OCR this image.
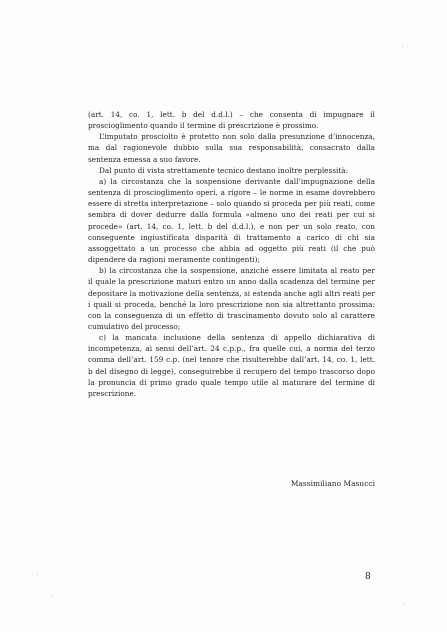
(art. 14, co. 1, lett. b del d.d.l.) – che consenta di impugnare il proscioglimento quando il termine di prescrizione è prossimo.

L’imputato prosciolto è protetto non solo dalla presunzione d’innocenza, ma dal ragionevole dubbio sulla sua responsabilità, consacrato dalla sentenza emessa a suo favore.

Dal punto di vista strettamente tecnico destano inoltre perplessità:

a) la circostanza che la sospensione derivante dall’impugnazione della sentenza di proscioglimento operi, a rigore – le norme in esame dovrebbero essere di stretta interpretazione – solo quando si proceda per più reati, come sembra di dover dedurre dalla formula «almeno uno dei reati per cui si procede» (art. 14, co. 1, lett. b del d.d.l.), e non per un solo reato, con conseguente ingiustificata disparità di trattamento a carico di chi sia assoggettato a un processo che abbia ad oggetto più reati (il che può dipendere da ragioni meramente contingenti);

b) la circostanza che la sospensione, anziché essere limitata al reato per il quale la prescrizione maturi entro un anno dalla scadenza del termine per depositare la motivazione della sentenza, si estenda anche agli altri reati per i quali si proceda, benché la loro prescrizione non sia altrettanto prossima: con la conseguenza di un effetto di trascinamento dovuto solo al carattere cumulativo del processo;

c) la mancata inclusione della sentenza di appello dichiarativa di incompetenza, ai sensi dell’art. 24 c.p.p., fra quelle cui, a norma del terzo comma dell’art. 159 c.p. (nel tenore che risulterebbe dall’art. 14, co. 1, lett. b del disegno di legge), conseguirebbe il recupero del tempo trascorso dopo la pronuncia di primo grado quale tempo utile al maturare del termine di prescrizione.

Massimiliano Masucci
8
